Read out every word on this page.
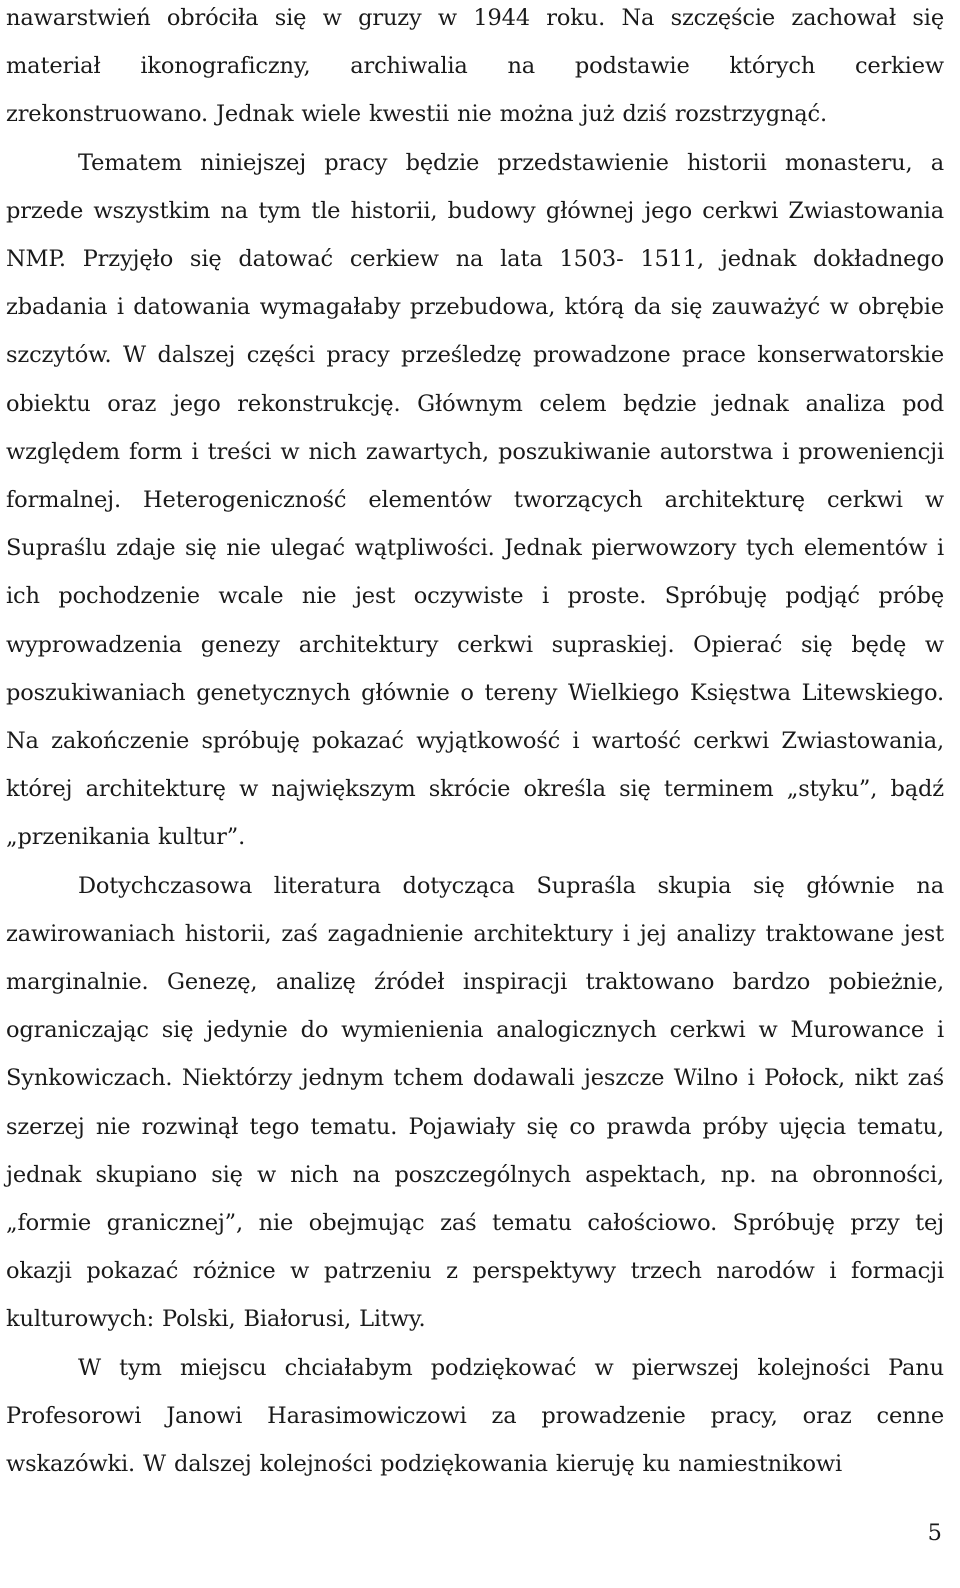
nawarstwień obróciła się w gruzy w 1944 roku. Na szczęście zachował się materiał ikonograficzny, archiwalia na podstawie których cerkiew zrekonstruowano. Jednak wiele kwestii nie można już dziś rozstrzygnąć.

Tematem niniejszej pracy będzie przedstawienie historii monasteru, a przede wszystkim na tym tle historii, budowy głównej jego cerkwi Zwiastowania NMP. Przyjęło się datować cerkiew na lata 1503- 1511, jednak dokładnego zbadania i datowania wymagałaby przebudowa, którą da się zauważyć w obrębie szczytów. W dalszej części pracy prześledzę prowadzone prace konserwatorskie obiektu oraz jego rekonstrukcję. Głównym celem będzie jednak analiza pod względem form i treści w nich zawartych, poszukiwanie autorstwa i proweniencji formalnej. Heterogeniczność elementów tworzących architekturę cerkwi w Supraślu zdaje się nie ulegać wątpliwości. Jednak pierwowzory tych elementów i ich pochodzenie wcale nie jest oczywiste i proste. Spróbuję podjąć próbę wyprowadzenia genezy architektury cerkwi supraskiej. Opierać się będę w poszukiwaniach genetycznych głównie o tereny Wielkiego Księstwa Litewskiego. Na zakończenie spróbuję pokazać wyjątkowość i wartość cerkwi Zwiastowania, której architekturę w największym skrócie określa się terminem „styku”, bądź „przenikania kultur”.

Dotychczasowa literatura dotycząca Supraśla skupia się głównie na zawirowaniach historii, zaś zagadnienie architektury i jej analizy traktowane jest marginalnie. Genezę, analizę źródeł inspiracji traktowano bardzo pobieżnie, ograniczając się jedynie do wymienienia analogicznych cerkwi w Murowance i Synkowiczach. Niektórzy jednym tchem dodawali jeszcze Wilno i Połock, nikt zaś szerzej nie rozwinął tego tematu. Pojawiały się co prawda próby ujęcia tematu, jednak skupiano się w nich na poszczególnych aspektach, np. na obronności, „formie granicznej”, nie obejmując zaś tematu całościowo. Spróbuję przy tej okazji pokazać różnice w patrzeniu z perspektywy trzech narodów i formacji kulturowych: Polski, Białorusi, Litwy.

W tym miejscu chciałabym podziękować w pierwszej kolejności Panu Profesorowi Janowi Harasimowiczowi za prowadzenie pracy, oraz cenne wskazówki. W dalszej kolejności podziękowania kieruję ku namiestnikowi

5
